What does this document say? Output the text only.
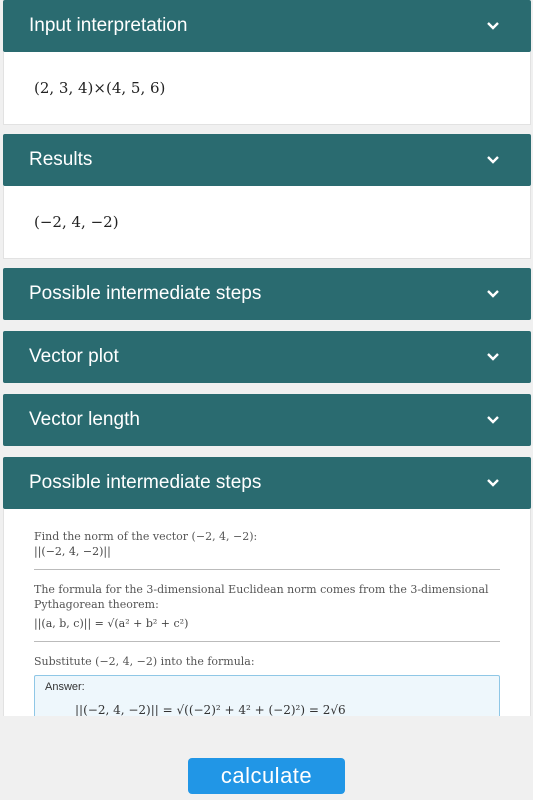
Input interpretation
(2, 3, 4)×(4, 5, 6)
Results
(−2, 4, −2)
Possible intermediate steps
Vector plot
Vector length
Possible intermediate steps
Find the norm of the vector (−2, 4, −2):
||(−2, 4, −2)||
The formula for the 3-dimensional Euclidean norm comes from the 3-dimensional Pythagorean theorem:
||(a, b, c)|| = √(a² + b² + c²)
Substitute (−2, 4, −2) into the formula:
Answer:
||(−2, 4, −2)|| = √((−2)² + 4² + (−2)²) = 2√6
calculate
